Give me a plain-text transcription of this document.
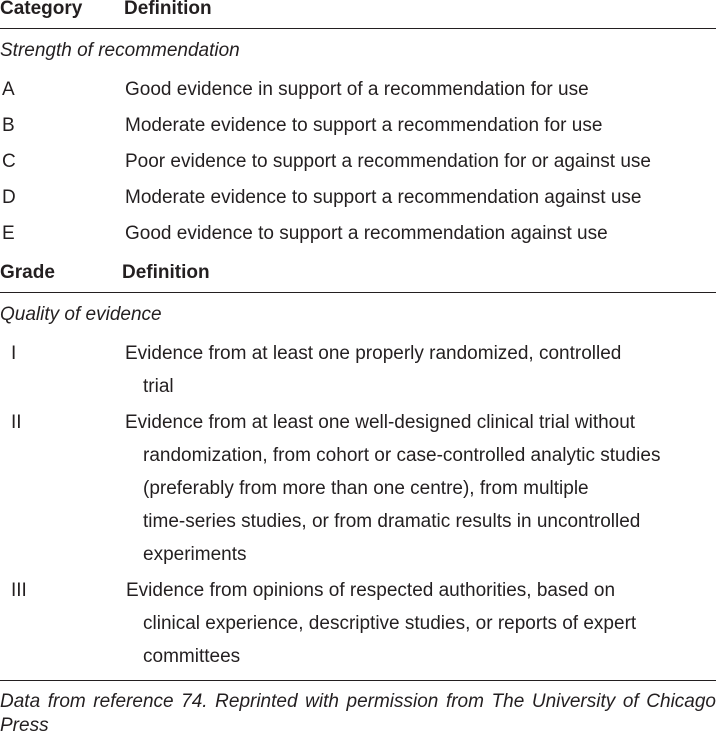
Category Definition
Strength of recommendation
A	Good evidence in support of a recommendation for use
B	Moderate evidence to support a recommendation for use
C	Poor evidence to support a recommendation for or against use
D	Moderate evidence to support a recommendation against use
E	Good evidence to support a recommendation against use
Grade	Definition
Quality of evidence
I	Evidence from at least one properly randomized, controlled
trial
II	Evidence from at least one well-designed clinical trial without
randomization, from cohort or case-controlled analytic studies
(preferably from more than one centre), from multiple
time-series studies, or from dramatic results in uncontrolled
experiments
III	Evidence from opinions of respected authorities, based on
clinical experience, descriptive studies, or reports of expert
committees
Data from reference 74. Reprinted with permission from The University of Chicago Press
